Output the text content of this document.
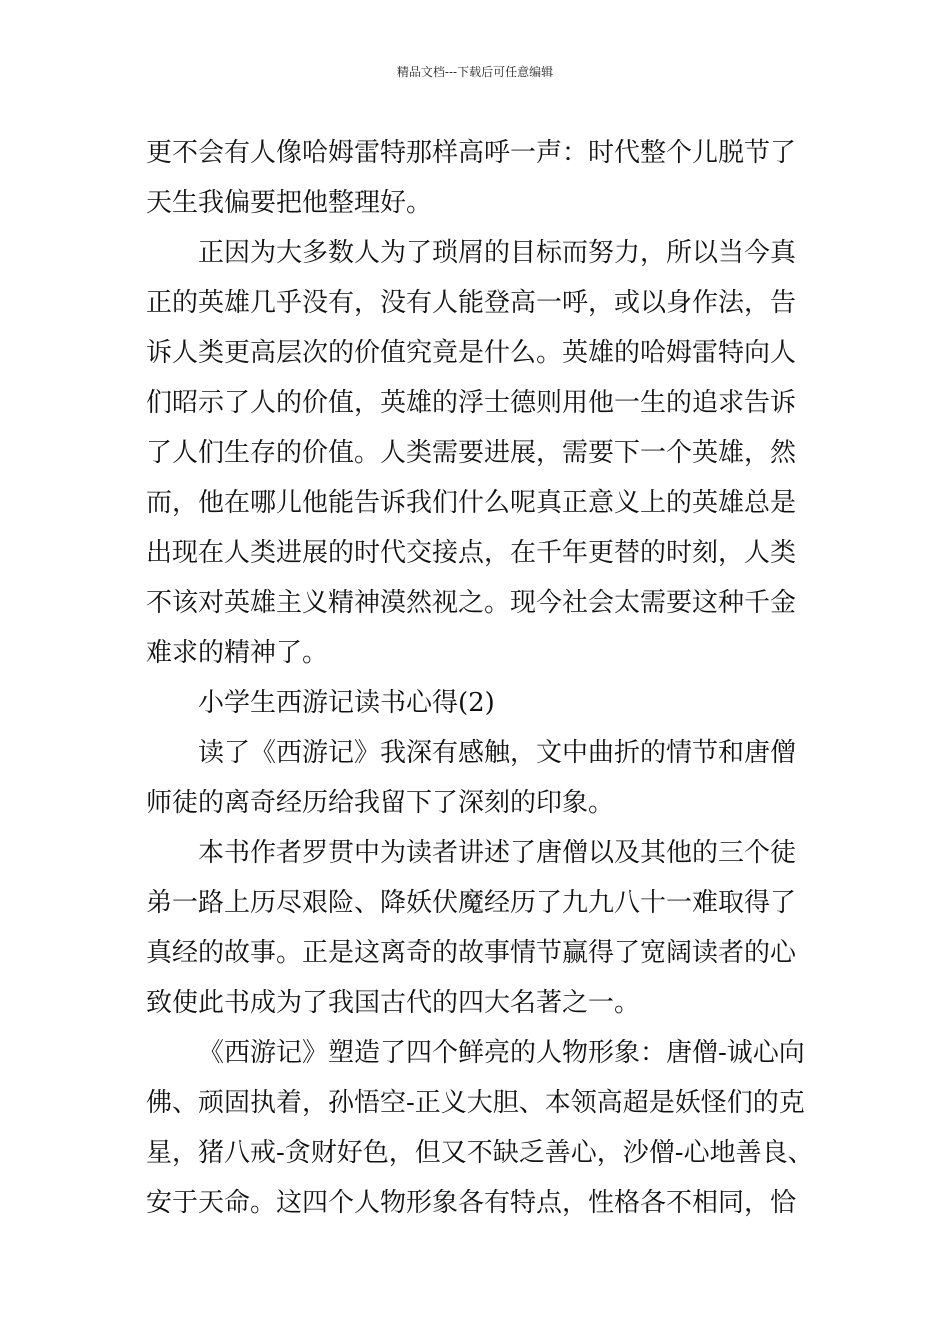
精品文档---下载后可任意编辑
更不会有人像哈姆雷特那样高呼一声：时代整个儿脱节了
天生我偏要把他整理好。
正因为大多数人为了琐屑的目标而努力，所以当今真
正的英雄几乎没有，没有人能登高一呼，或以身作法，告
诉人类更高层次的价值究竟是什么。英雄的哈姆雷特向人
们昭示了人的价值，英雄的浮士德则用他一生的追求告诉
了人们生存的价值。人类需要进展，需要下一个英雄，然
而，他在哪儿他能告诉我们什么呢真正意义上的英雄总是
出现在人类进展的时代交接点，在千年更替的时刻，人类
不该对英雄主义精神漠然视之。现今社会太需要这种千金
难求的精神了。
小学生西游记读书心得(2)
读了《西游记》我深有感触，文中曲折的情节和唐僧
师徒的离奇经历给我留下了深刻的印象。
本书作者罗贯中为读者讲述了唐僧以及其他的三个徒
弟一路上历尽艰险、降妖伏魔经历了九九八十一难取得了
真经的故事。正是这离奇的故事情节赢得了宽阔读者的心
致使此书成为了我国古代的四大名著之一。
《西游记》塑造了四个鲜亮的人物形象：唐僧-诚心向
佛、顽固执着，孙悟空-正义大胆、本领高超是妖怪们的克
星，猪八戒-贪财好色，但又不缺乏善心，沙僧-心地善良、
安于天命。这四个人物形象各有特点，性格各不相同，恰
